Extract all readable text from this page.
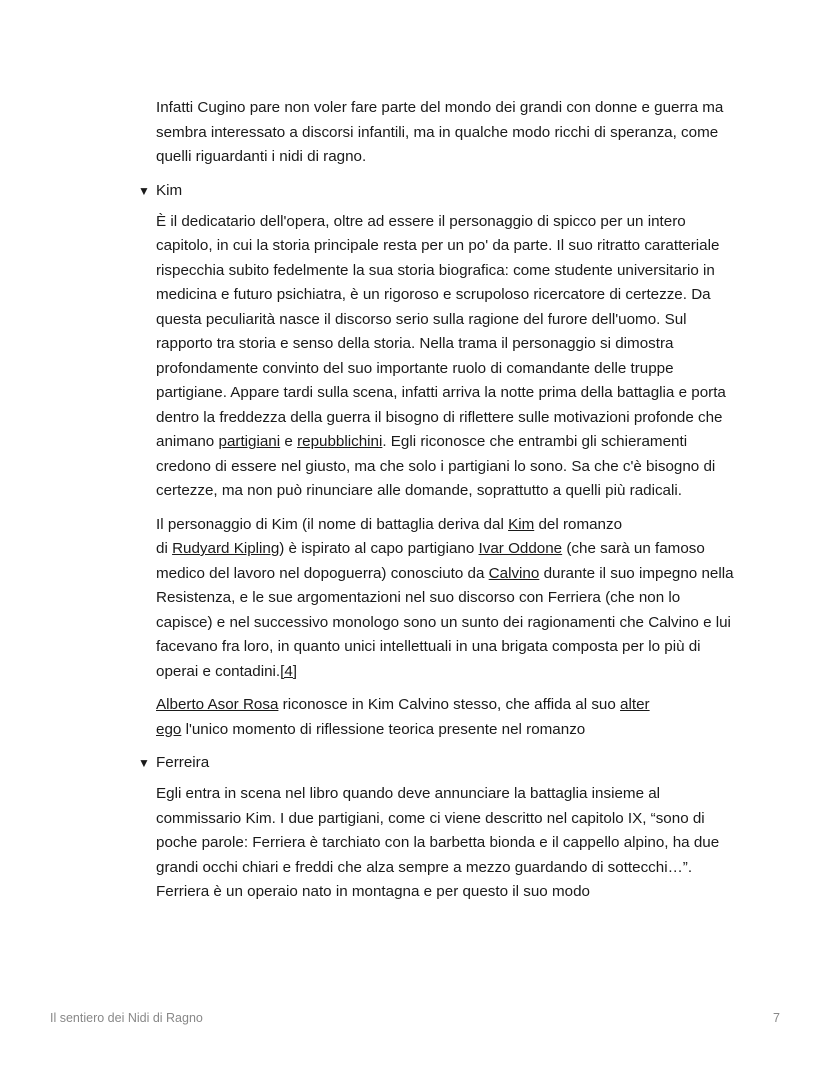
Infatti Cugino pare non voler fare parte del mondo dei grandi con donne e guerra ma sembra interessato a discorsi infantili, ma in qualche modo ricchi di speranza, come quelli riguardanti i nidi di ragno.

▼ Kim

È il dedicatario dell'opera, oltre ad essere il personaggio di spicco per un intero capitolo, in cui la storia principale resta per un po' da parte. Il suo ritratto caratteriale rispecchia subito fedelmente la sua storia biografica: come studente universitario in medicina e futuro psichiatra, è un rigoroso e scrupoloso ricercatore di certezze. Da questa peculiarità nasce il discorso serio sulla ragione del furore dell'uomo. Sul rapporto tra storia e senso della storia. Nella trama il personaggio si dimostra profondamente convinto del suo importante ruolo di comandante delle truppe partigiane. Appare tardi sulla scena, infatti arriva la notte prima della battaglia e porta dentro la freddezza della guerra il bisogno di riflettere sulle motivazioni profonde che
animano partigiani e repubblichini. Egli riconosce che entrambi gli schieramenti credono di essere nel giusto, ma che solo i partigiani lo sono. Sa che c'è bisogno di certezze, ma non può rinunciare alle domande, soprattutto a quelli più radicali.

Il personaggio di Kim (il nome di battaglia deriva dal Kim del romanzo
di Rudyard Kipling) è ispirato al capo partigiano Ivar Oddone (che sarà un famoso medico del lavoro nel dopoguerra) conosciuto da Calvino durante il suo impegno nella Resistenza, e le sue argomentazioni nel suo discorso con Ferriera (che non lo capisce) e nel successivo monologo sono un sunto dei ragionamenti che Calvino e lui facevano fra loro, in quanto unici intellettuali in una brigata composta per lo più di operai e contadini.[4]

Alberto Asor Rosa riconosce in Kim Calvino stesso, che affida al suo alter
ego l'unico momento di riflessione teorica presente nel romanzo

▼ Ferreira

Egli entra in scena nel libro quando deve annunciare la battaglia insieme al commissario Kim. I due partigiani, come ci viene descritto nel capitolo IX, “sono di poche parole: Ferriera è tarchiato con la barbetta bionda e il cappello alpino, ha due grandi occhi chiari e freddi che alza sempre a mezzo guardando di sottecchi…”. Ferriera è un operaio nato in montagna e per questo il suo modo

Il sentiero dei Nidi di Ragno	7
